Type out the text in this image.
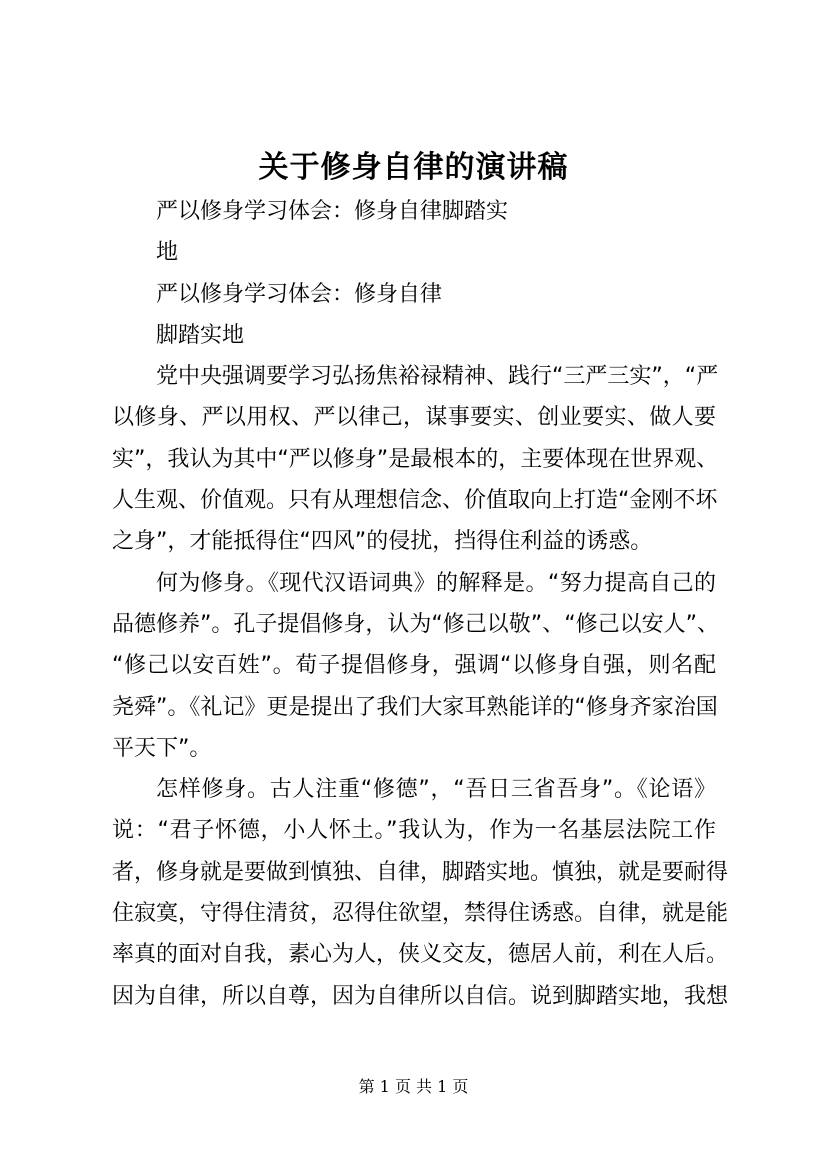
关于修身自律的演讲稿
严以修身学习体会：修身自律脚踏实
地
严以修身学习体会：修身自律
脚踏实地
党中央强调要学习弘扬焦裕禄精神、践行“三严三实”，“严
以修身、严以用权、严以律己，谋事要实、创业要实、做人要
实”，我认为其中“严以修身”是最根本的，主要体现在世界观、
人生观、价值观。只有从理想信念、价值取向上打造“金刚不坏
之身”，才能抵得住“四风”的侵扰，挡得住利益的诱惑。
何为修身。《现代汉语词典》的解释是。“努力提高自己的
品德修养”。孔子提倡修身，认为“修己以敬”、“修己以安人”、
“修己以安百姓”。荀子提倡修身，强调“以修身自强，则名配
尧舜”。《礼记》更是提出了我们大家耳熟能详的“修身齐家治国
平天下”。
怎样修身。古人注重“修德”，“吾日三省吾身”。《论语》
说：“君子怀德，小人怀土。”我认为，作为一名基层法院工作
者，修身就是要做到慎独、自律，脚踏实地。慎独，就是要耐得
住寂寞，守得住清贫，忍得住欲望，禁得住诱惑。自律，就是能
率真的面对自我，素心为人，侠义交友，德居人前，利在人后。
因为自律，所以自尊，因为自律所以自信。说到脚踏实地，我想
第 1 页 共 1 页
